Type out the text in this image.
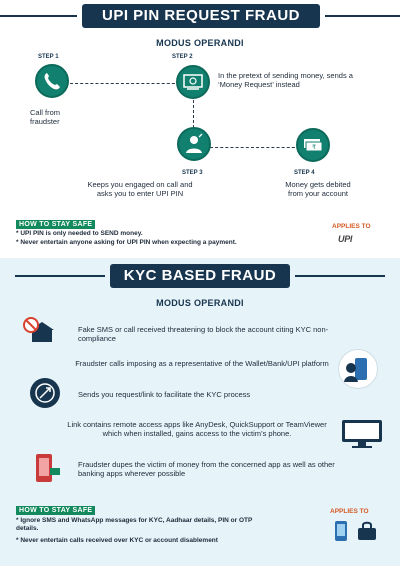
UPI PIN REQUEST FRAUD
MODUS OPERANDI
STEP 1
Call from fraudster
STEP 2
In the pretext of sending money, sends a ‘Money Request’ instead
STEP 3
Keeps you engaged on call and asks you to enter UPI PIN
₹
STEP 4
Money gets debited from your account
HOW TO STAY SAFE
* UPI PIN is only needed to SEND money.
* Never entertain anyone asking for UPI PIN when expecting a payment.
APPLIES TO
UPI
KYC BASED FRAUD
MODUS OPERANDI
Fake SMS or call received threatening to block the account citing KYC non-compliance
Fraudster calls imposing as a representative of the Wallet/Bank/UPI platform
Sends you request/link to facilitate the KYC process
Link contains remote access apps like AnyDesk, QuickSupport or TeamViewer which when installed, gains access to the victim’s phone.
Fraudster dupes the victim of money from the concerned app as well as other banking apps wherever possible
HOW TO STAY SAFE
* Ignore SMS and WhatsApp messages for KYC, Aadhaar details, PIN or OTP details.
* Never entertain calls received over KYC or account disablement
APPLIES TO
